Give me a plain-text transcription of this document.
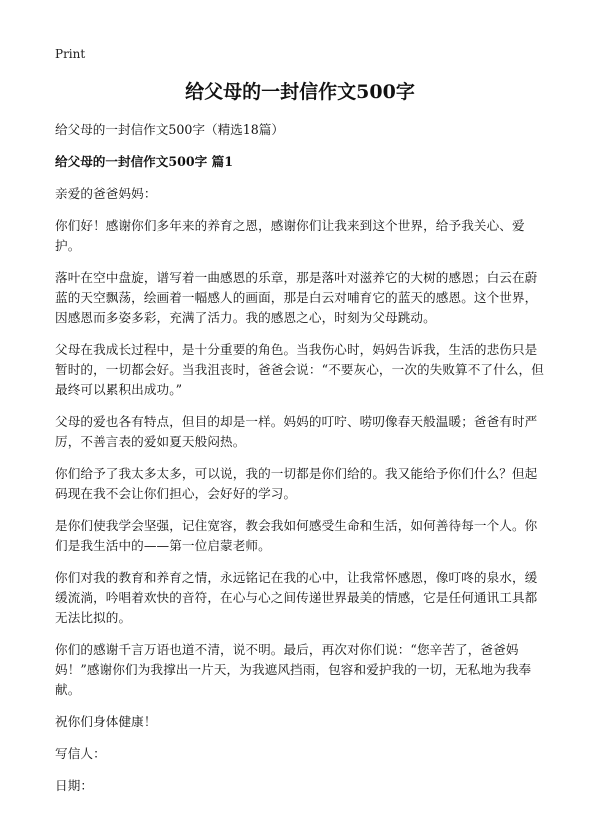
Print
给父母的一封信作文500字

给父母的一封信作文500字（精选18篇）

给父母的一封信作文500字 篇1

亲爱的爸爸妈妈：

你们好！感谢你们多年来的养育之恩，感谢你们让我来到这个世界，给予我关心、爱护。

落叶在空中盘旋，谱写着一曲感恩的乐章，那是落叶对滋养它的大树的感恩；白云在蔚蓝的天空飘荡，绘画着一幅感人的画面，那是白云对哺育它的蓝天的感恩。这个世界，因感恩而多姿多彩，充满了活力。我的感恩之心，时刻为父母跳动。

父母在我成长过程中，是十分重要的角色。当我伤心时，妈妈告诉我，生活的悲伤只是暂时的，一切都会好。当我沮丧时，爸爸会说：“不要灰心，一次的失败算不了什么，但最终可以累积出成功。”

父母的爱也各有特点，但目的却是一样。妈妈的叮咛、唠叨像春天般温暖；爸爸有时严厉，不善言表的爱如夏天般闷热。

你们给予了我太多太多，可以说，我的一切都是你们给的。我又能给予你们什么？但起码现在我不会让你们担心，会好好的学习。

是你们使我学会坚强，记住宽容，教会我如何感受生命和生活，如何善待每一个人。你们是我生活中的——第一位启蒙老师。

你们对我的教育和养育之情，永远铭记在我的心中，让我常怀感恩，像叮咚的泉水，缓缓流淌，吟唱着欢快的音符，在心与心之间传递世界最美的情感，它是任何通讯工具都无法比拟的。

你们的感谢千言万语也道不清，说不明。最后，再次对你们说：“您辛苦了，爸爸妈妈！”感谢你们为我撑出一片天，为我遮风挡雨，包容和爱护我的一切，无私地为我奉献。

祝你们身体健康！

写信人：

日期：
